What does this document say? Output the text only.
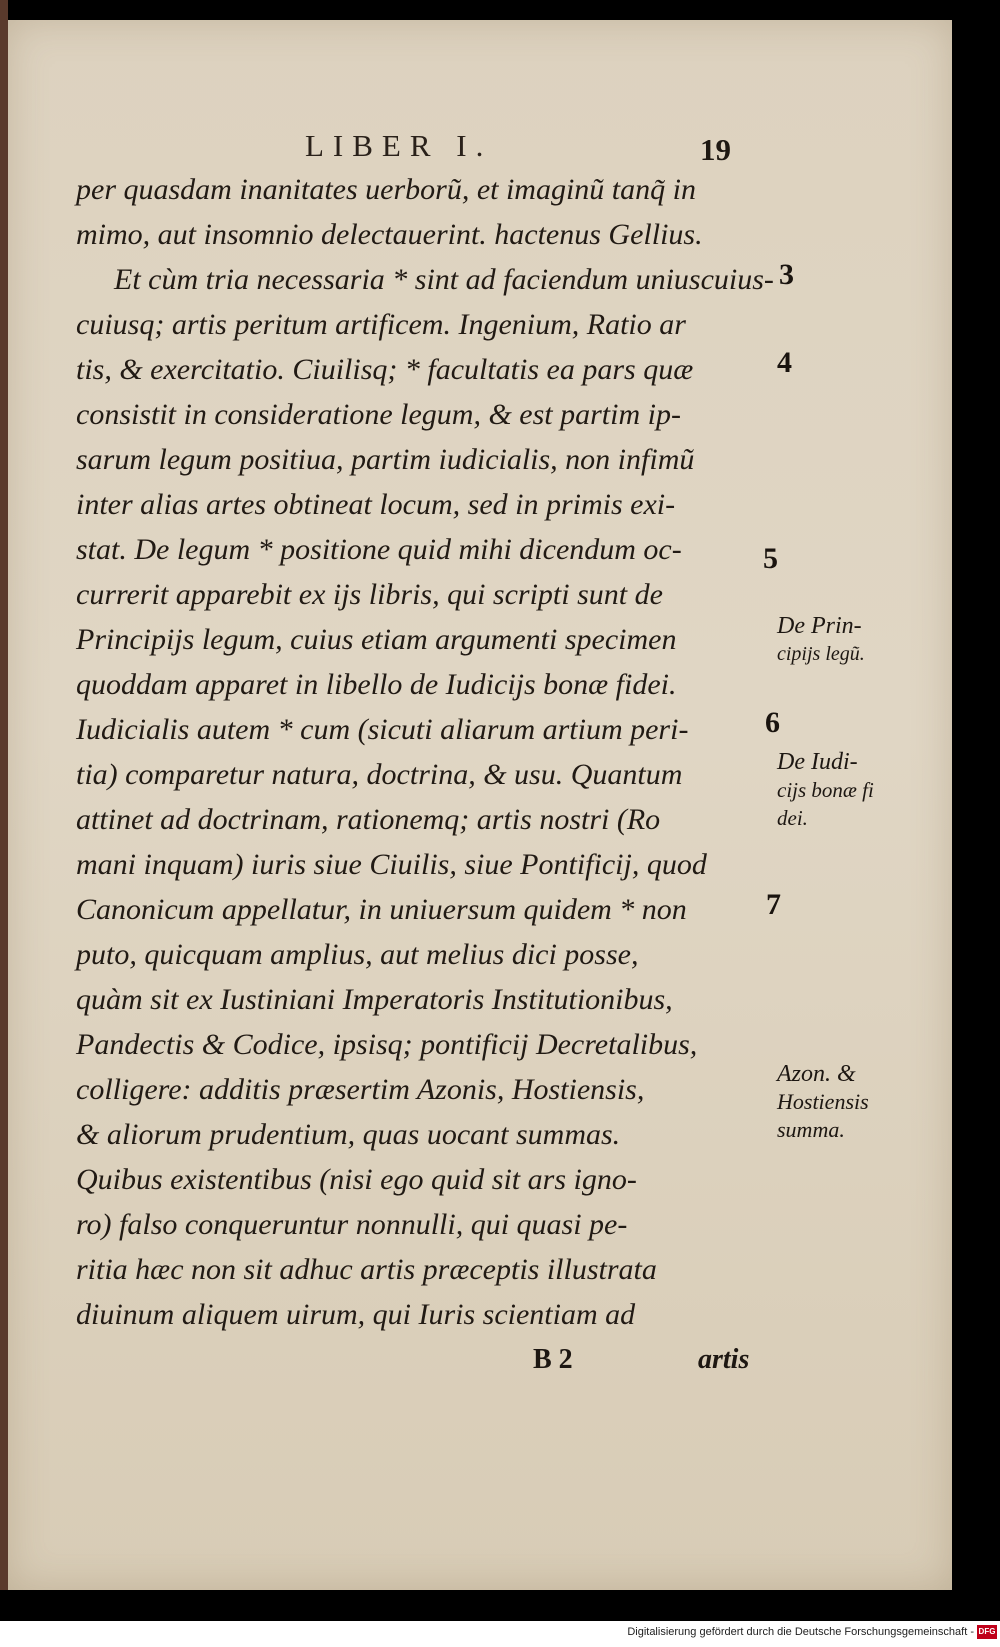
LIBER I.	19
per quasdam inanitates uerborũ, et imaginũ tanq̃ in
mimo, aut insomnio delectauerint. hactenus Gellius.
Et cùm tria necessaria * sint ad faciendum uniuscuius-
cuiusq; artis peritum artificem. Ingenium, Ratio ar
tis, & exercitatio. Ciuilisq; * facultatis ea pars quæ
consistit in consideratione legum, & est partim ip-
sarum legum positiua, partim iudicialis, non infimũ
inter alias artes obtineat locum, sed in primis exi-
stat. De legum * positione quid mihi dicendum oc-
currerit apparebit ex ijs libris, qui scripti sunt de
Principijs legum, cuius etiam argumenti specimen
quoddam apparet in libello de Iudicijs bonæ fidei.
Iudicialis autem * cum (sicuti aliarum artium peri-
tia) comparetur natura, doctrina, & usu. Quantum
attinet ad doctrinam, rationemq; artis nostri (Ro
mani inquam) iuris siue Ciuilis, siue Pontificij, quod
Canonicum appellatur, in uniuersum quidem * non
puto, quicquam amplius, aut melius dici posse,
quàm sit ex Iustiniani Imperatoris Institutionibus,
Pandectis & Codice, ipsisq; pontificij Decretalibus,
colligere: additis præsertim Azonis, Hostiensis,
& aliorum prudentium, quas uocant summas.
Quibus existentibus (nisi ego quid sit ars igno-
ro) falso conqueruntur nonnulli, qui quasi pe-
ritia hæc non sit adhuc artis præceptis illustrata
diuinum aliquem uirum, qui Iuris scientiam ad
3
4
5
6
7
De Prin-
cipijs legũ.
De Iudi-
cijs bonæ fi
dei.
Azon. &
Hostiensis
summa.
B 2	artis
Digitalisierung gefördert durch die Deutsche Forschungsgemeinschaft - DFG
